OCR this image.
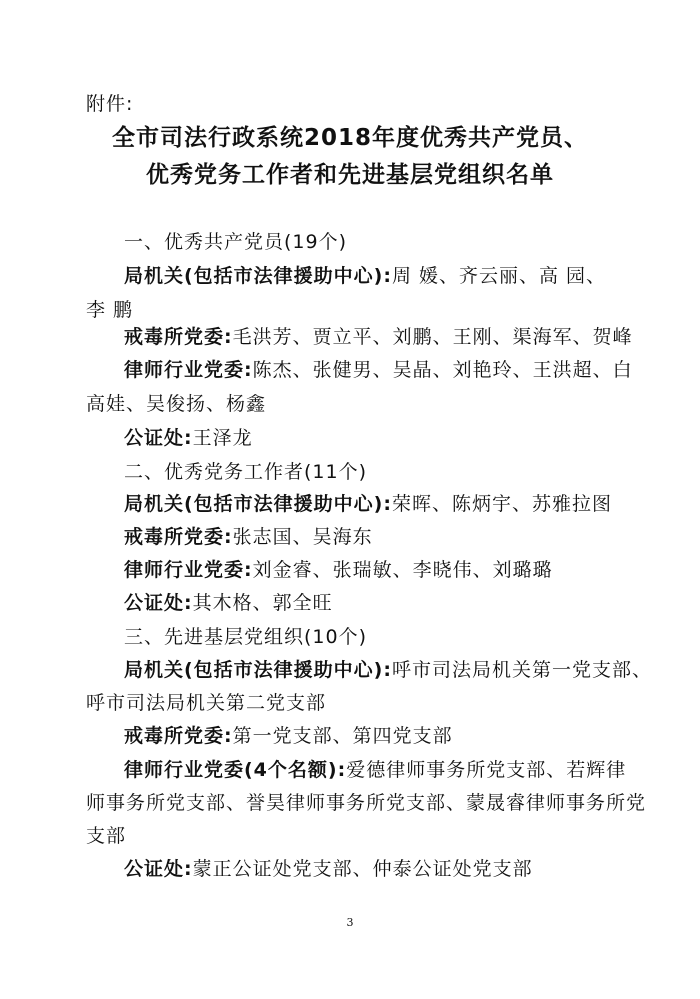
附件:
全市司法行政系统2018年度优秀共产党员、
优秀党务工作者和先进基层党组织名单
一、优秀共产党员(19个)
局机关(包括市法律援助中心):周 媛、齐云丽、高 园、
李 鹏
戒毒所党委:毛洪芳、贾立平、刘鹏、王刚、渠海军、贺峰
律师行业党委:陈杰、张健男、吴晶、刘艳玲、王洪超、白
高娃、吴俊扬、杨鑫
公证处:王泽龙
二、优秀党务工作者(11个)
局机关(包括市法律援助中心):荣晖、陈炳宇、苏雅拉图
戒毒所党委:张志国、吴海东
律师行业党委:刘金睿、张瑞敏、李晓伟、刘璐璐
公证处:其木格、郭全旺
三、先进基层党组织(10个)
局机关(包括市法律援助中心):呼市司法局机关第一党支部、
呼市司法局机关第二党支部
戒毒所党委:第一党支部、第四党支部
律师行业党委(4个名额):爱德律师事务所党支部、若辉律
师事务所党支部、誉昊律师事务所党支部、蒙晟睿律师事务所党
支部
公证处:蒙正公证处党支部、仲泰公证处党支部
3
